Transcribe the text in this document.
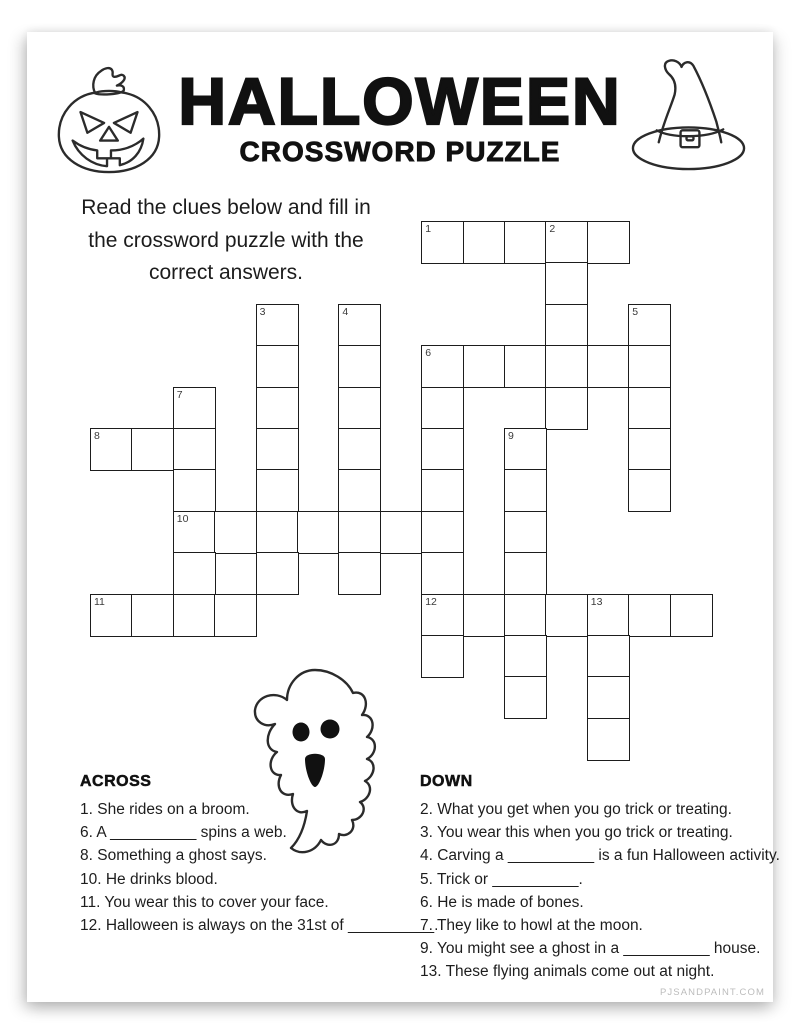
HALLOWEEN
CROSSWORD PUZZLE
Read the clues below and fill in
the crossword puzzle with the
correct answers.
1	2
3	4	5
6
7
8	9
10
11	12	13
ACROSS
1. She rides on a broom.
6. A __________ spins a web.
8. Something a ghost says.
10. He drinks blood.
11. You wear this to cover your face.
12. Halloween is always on the 31st of __________.
DOWN
2. What you get when you go trick or treating.
3. You wear this when you go trick or treating.
4. Carving a __________ is a fun Halloween activity.
5. Trick or __________.
6. He is made of bones.
7. They like to howl at the moon.
9. You might see a ghost in a __________ house.
13. These flying animals come out at night.
PJSANDPAINT.COM
